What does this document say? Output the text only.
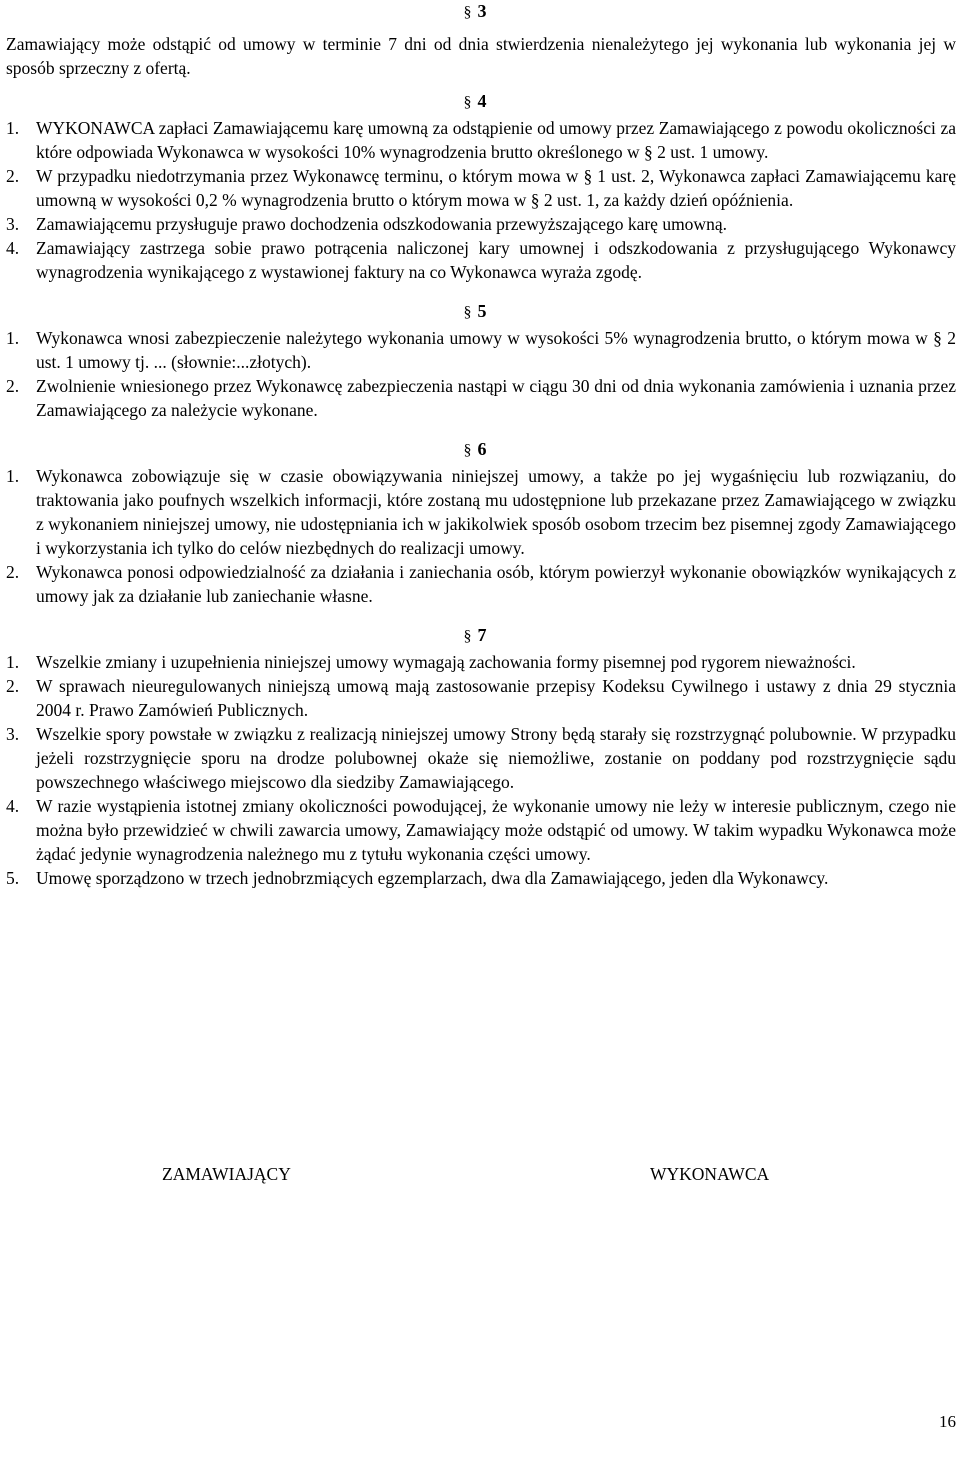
§ 3
Zamawiający może odstąpić od umowy w terminie 7 dni od dnia stwierdzenia nienależytego jej wykonania lub wykonania jej w sposób sprzeczny z ofertą.
§ 4
1. WYKONAWCA zapłaci Zamawiającemu karę umowną za odstąpienie od umowy przez Zamawiającego z powodu okoliczności za które odpowiada Wykonawca w wysokości 10% wynagrodzenia brutto określonego w § 2 ust. 1 umowy.
2. W przypadku niedotrzymania przez Wykonawcę terminu, o którym mowa w § 1 ust. 2, Wykonawca zapłaci Zamawiającemu karę umowną w wysokości 0,2 % wynagrodzenia brutto o którym mowa w § 2 ust. 1, za każdy dzień opóźnienia.
3. Zamawiającemu przysługuje prawo dochodzenia odszkodowania przewyższającego karę umowną.
4. Zamawiający zastrzega sobie prawo potrącenia naliczonej kary umownej i odszkodowania z przysługującego Wykonawcy wynagrodzenia wynikającego z wystawionej faktury na co Wykonawca wyraża zgodę.
§ 5
1. Wykonawca wnosi zabezpieczenie należytego wykonania umowy w wysokości 5% wynagrodzenia brutto, o którym mowa w § 2 ust. 1 umowy tj. ... (słownie:...złotych).
2. Zwolnienie wniesionego przez Wykonawcę zabezpieczenia nastąpi w ciągu 30 dni od dnia wykonania zamówienia i uznania przez Zamawiającego za należycie wykonane.
§ 6
1. Wykonawca zobowiązuje się w czasie obowiązywania niniejszej umowy, a także po jej wygaśnięciu lub rozwiązaniu, do traktowania jako poufnych wszelkich informacji, które zostaną mu udostępnione lub przekazane przez Zamawiającego w związku z wykonaniem niniejszej umowy, nie udostępniania ich w jakikolwiek sposób osobom trzecim bez pisemnej zgody Zamawiającego i wykorzystania ich tylko do celów niezbędnych do realizacji umowy.
2. Wykonawca ponosi odpowiedzialność za działania i zaniechania osób, którym powierzył wykonanie obowiązków wynikających z umowy jak za działanie lub zaniechanie własne.
§ 7
1. Wszelkie zmiany i uzupełnienia niniejszej umowy wymagają zachowania formy pisemnej pod rygorem nieważności.
2. W sprawach nieuregulowanych niniejszą umową mają zastosowanie przepisy Kodeksu Cywilnego i ustawy z dnia 29 stycznia 2004 r. Prawo Zamówień Publicznych.
3. Wszelkie spory powstałe w związku z realizacją niniejszej umowy Strony będą starały się rozstrzygnąć polubownie. W przypadku jeżeli rozstrzygnięcie sporu na drodze polubownej okaże się niemożliwe, zostanie on poddany pod rozstrzygnięcie sądu powszechnego właściwego miejscowo dla siedziby Zamawiającego.
4. W razie wystąpienia istotnej zmiany okoliczności powodującej, że wykonanie umowy nie leży w interesie publicznym, czego nie można było przewidzieć w chwili zawarcia umowy, Zamawiający może odstąpić od umowy. W takim wypadku Wykonawca może żądać jedynie wynagrodzenia należnego mu z tytułu wykonania części umowy.
5. Umowę sporządzono w trzech jednobrzmiących egzemplarzach, dwa dla Zamawiającego, jeden dla Wykonawcy.
ZAMAWIAJĄCY	WYKONAWCA
16
